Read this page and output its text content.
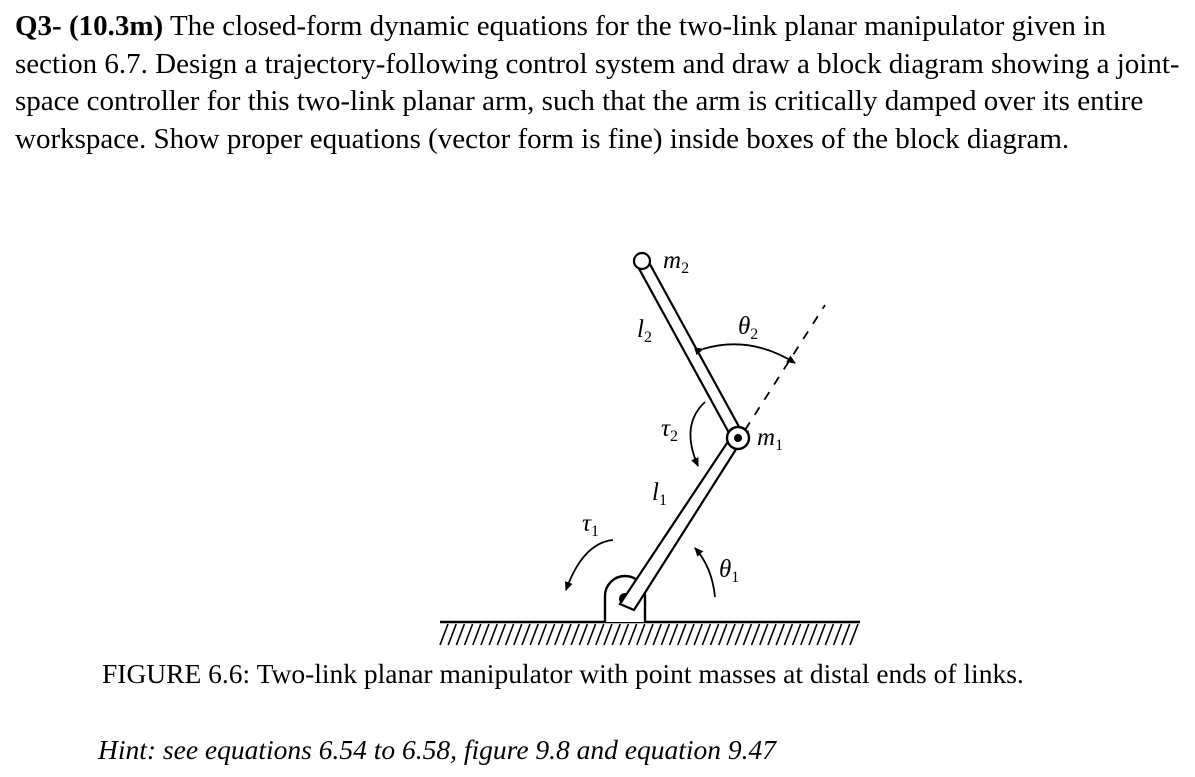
Q3- (10.3m) The closed-form dynamic equations for the two-link planar manipulator given in section 6.7. Design a trajectory-following control system and draw a block diagram showing a joint-space controller for this two-link planar arm, such that the arm is critically damped over its entire workspace. Show proper equations (vector form is fine) inside boxes of the block diagram.

$m_2$
$m_1$
$l_2$
$l_1$
$\theta_2$
$\theta_1$
$\tau_2$
$\tau_1$
FIGURE 6.6: Two-link planar manipulator with point masses at distal ends of links.
Hint: see equations 6.54 to 6.58, figure 9.8 and equation 9.47
